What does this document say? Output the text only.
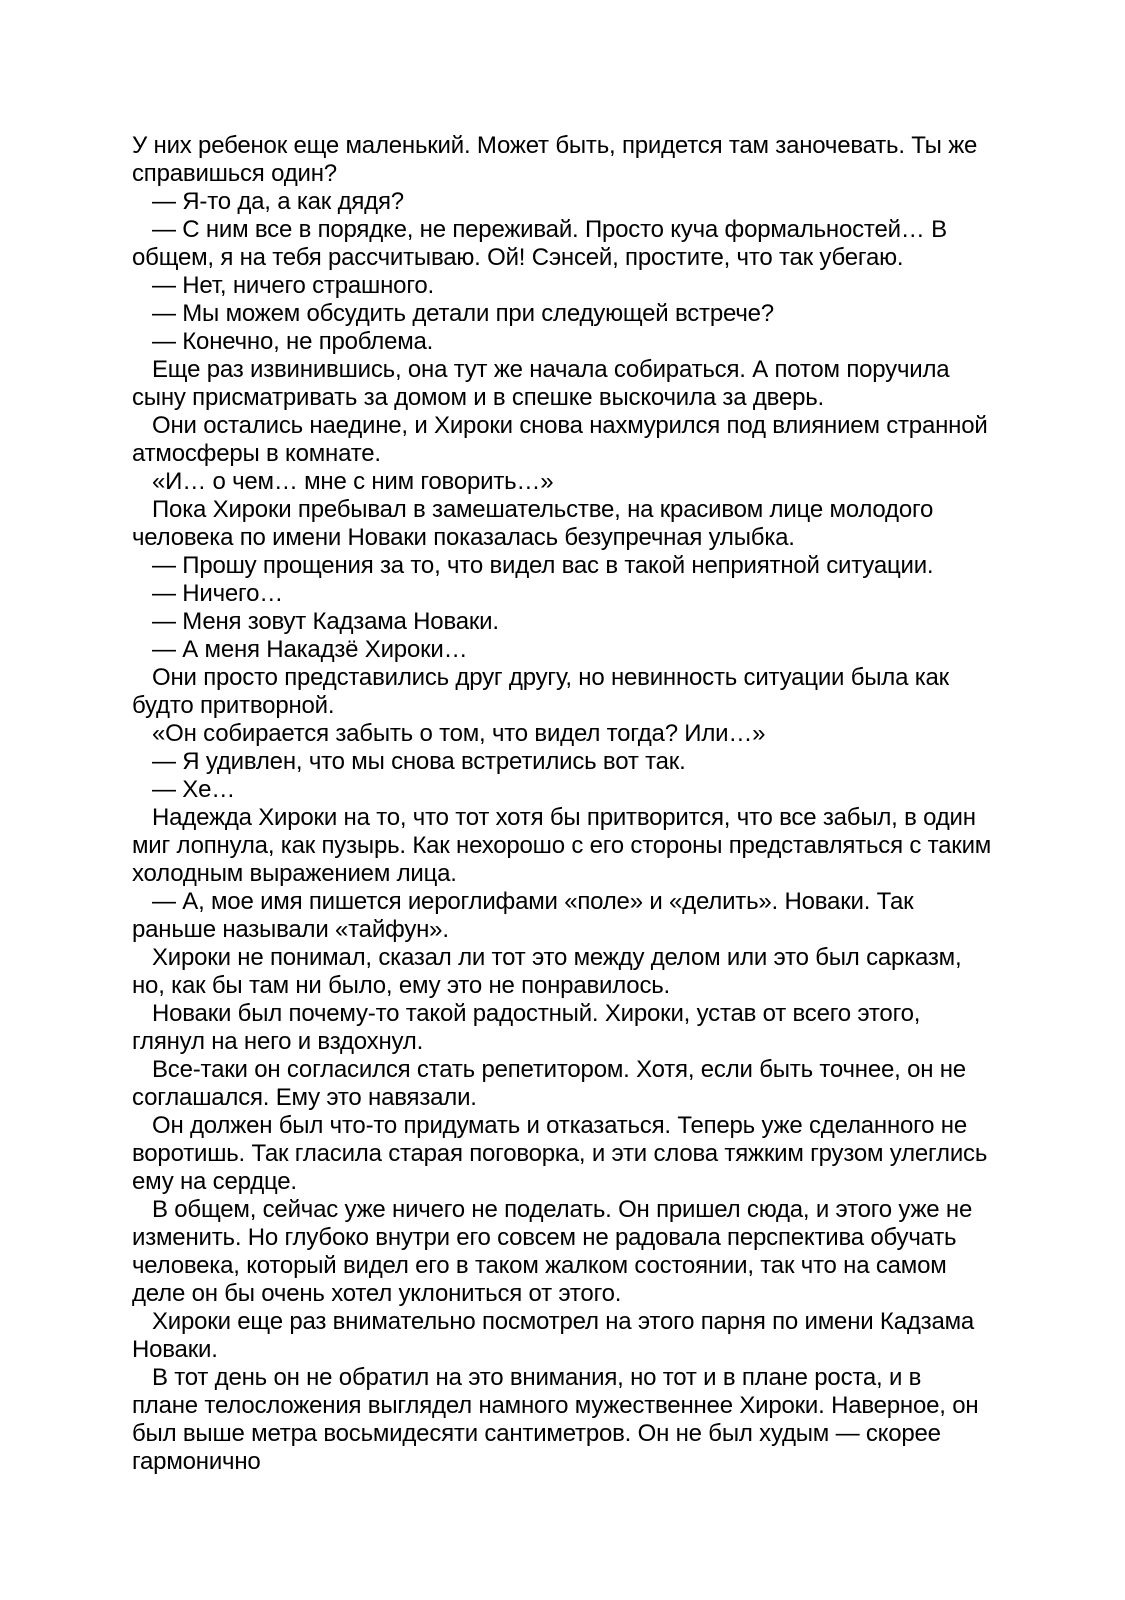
У них ребенок еще маленький. Может быть, придется там заночевать. Ты же справишься один?

— Я-то да, а как дядя?

— С ним все в порядке, не переживай. Просто куча формальностей… В общем, я на тебя рассчитываю. Ой! Сэнсей, простите, что так убегаю.

— Нет, ничего страшного.

— Мы можем обсудить детали при следующей встрече?

— Конечно, не проблема.

Еще раз извинившись, она тут же начала собираться. А потом поручила сыну присматривать за домом и в спешке выскочила за дверь.

Они остались наедине, и Хироки снова нахмурился под влиянием странной атмосферы в комнате.

«И… о чем… мне с ним говорить…»

Пока Хироки пребывал в замешательстве, на красивом лице молодого человека по имени Новаки показалась безупречная улыбка.

— Прошу прощения за то, что видел вас в такой неприятной ситуации.

— Ничего…

— Меня зовут Кадзама Новаки.

— А меня Накадзё Хироки…

Они просто представились друг другу, но невинность ситуации была как будто притворной.

«Он собирается забыть о том, что видел тогда? Или…»

— Я удивлен, что мы снова встретились вот так.

— Хе…

Надежда Хироки на то, что тот хотя бы притворится, что все забыл, в один миг лопнула, как пузырь. Как нехорошо с его стороны представляться с таким холодным выражением лица.

— А, мое имя пишется иероглифами «поле» и «делить». Новаки. Так раньше называли «тайфун».

Хироки не понимал, сказал ли тот это между делом или это был сарказм, но, как бы там ни было, ему это не понравилось.

Новаки был почему-то такой радостный. Хироки, устав от всего этого, глянул на него и вздохнул.

Все-таки он согласился стать репетитором. Хотя, если быть точнее, он не соглашался. Ему это навязали.

Он должен был что-то придумать и отказаться. Теперь уже сделанного не воротишь. Так гласила старая поговорка, и эти слова тяжким грузом улеглись ему на сердце.

В общем, сейчас уже ничего не поделать. Он пришел сюда, и этого уже не изменить. Но глубоко внутри его совсем не радовала перспектива обучать человека, который видел его в таком жалком состоянии, так что на самом деле он бы очень хотел уклониться от этого.

Хироки еще раз внимательно посмотрел на этого парня по имени Кадзама Новаки.

В тот день он не обратил на это внимания, но тот и в плане роста, и в плане телосложения выглядел намного мужественнее Хироки. Наверное, он был выше метра восьмидесяти сантиметров. Он не был худым — скорее гармонично
